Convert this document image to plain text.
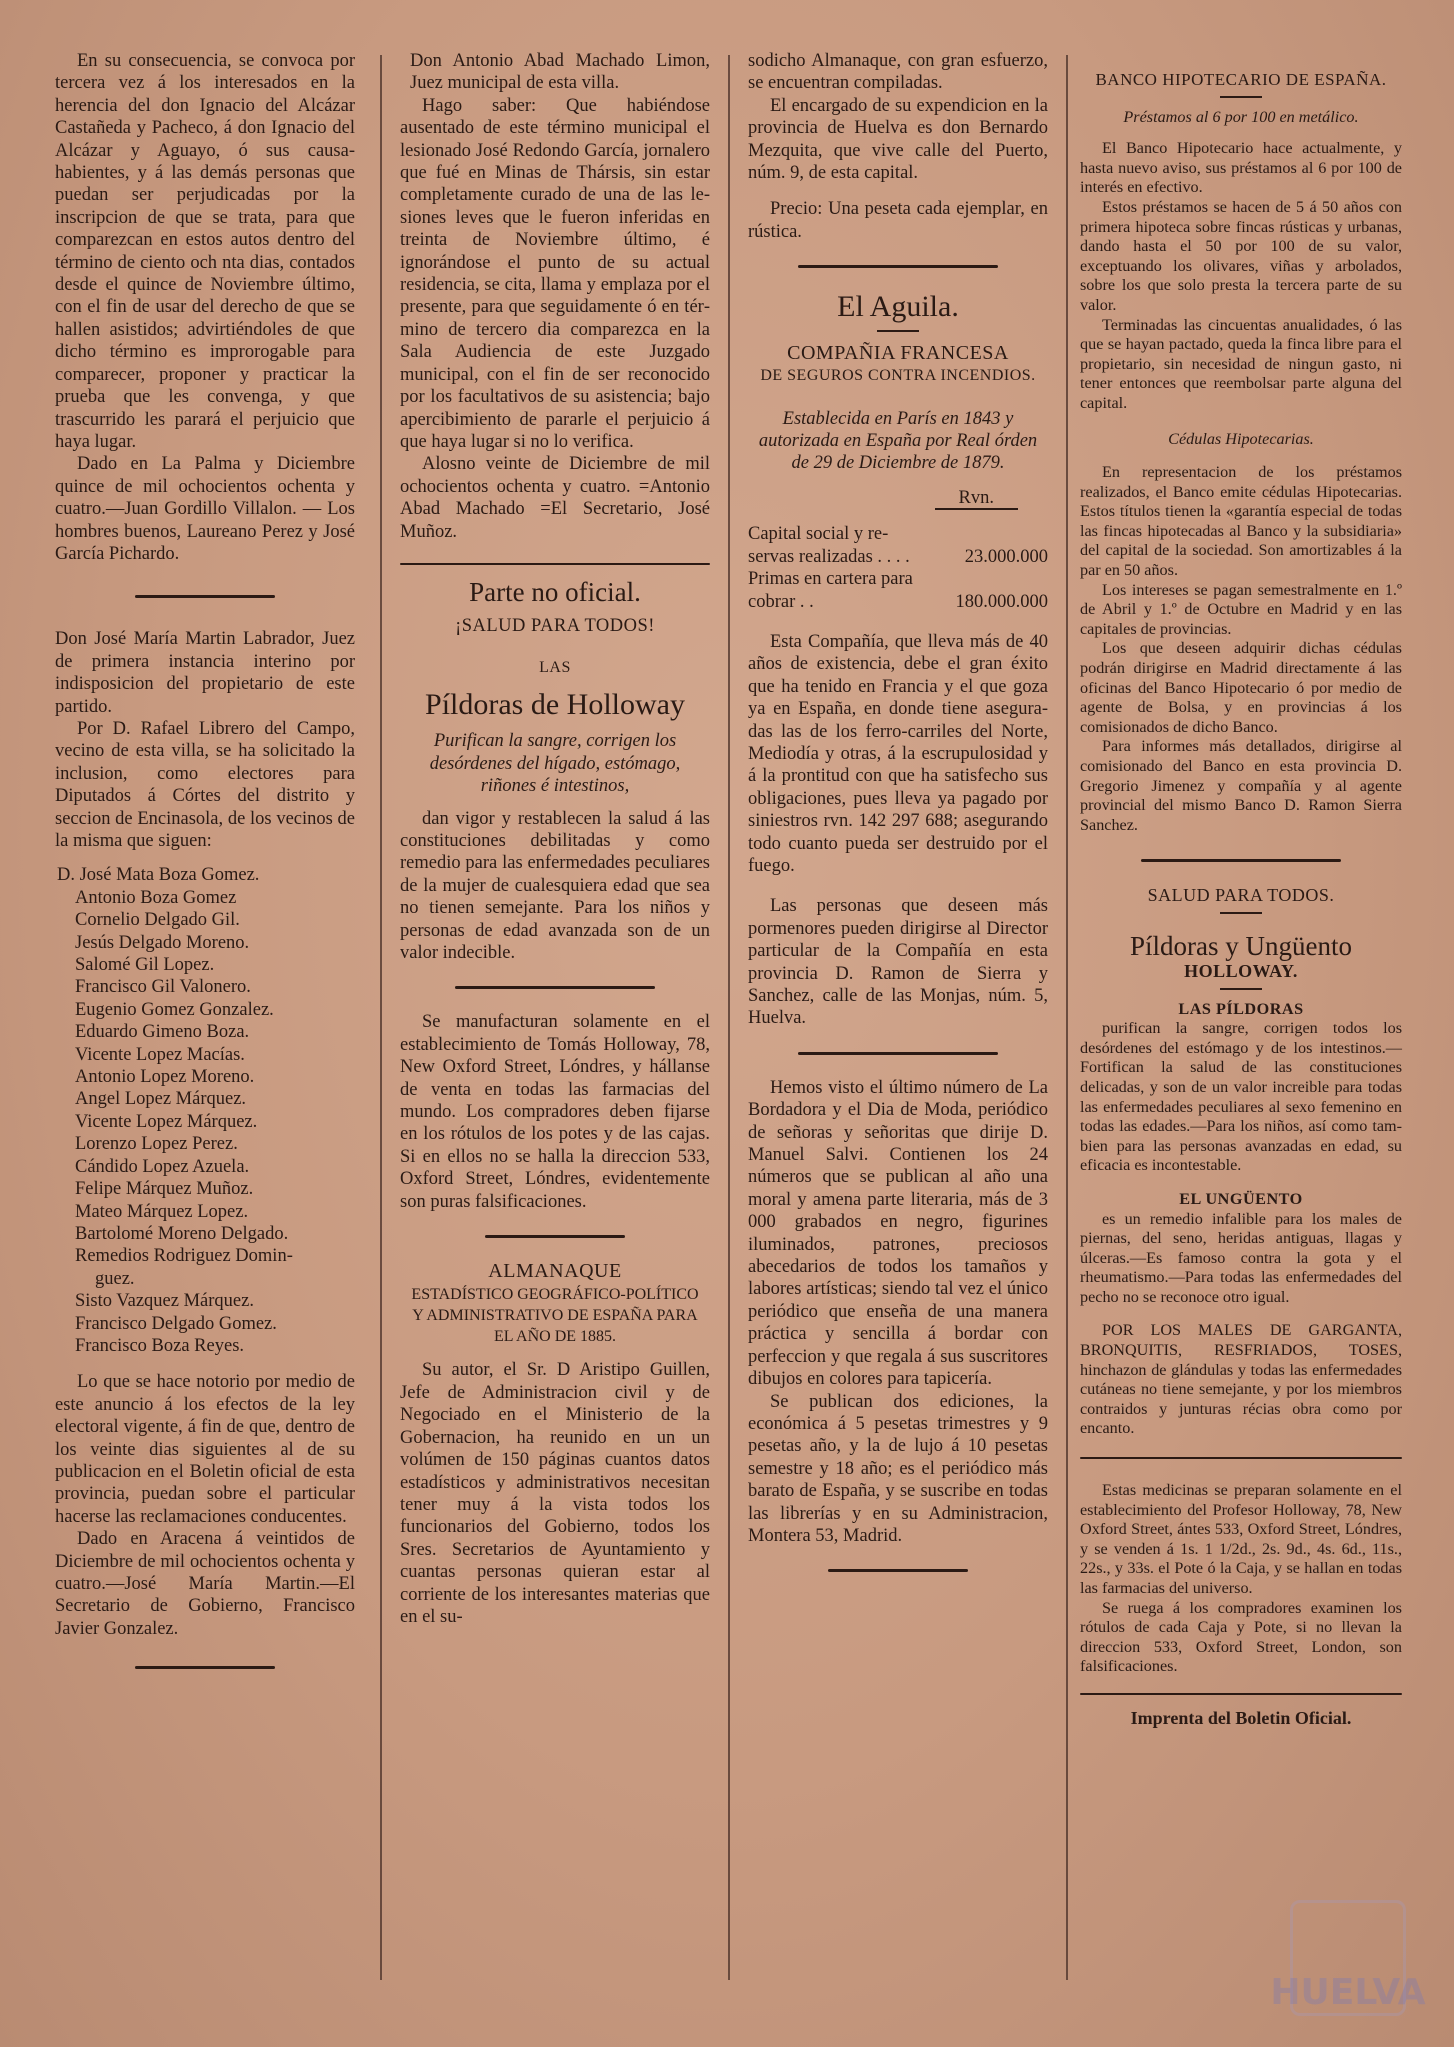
En su consecuencia, se convoca por tercera vez á los interesados en la herencia del don Ignacio del Alcázar Castañeda y Pacheco, á don Ignacio del Alcázar y Aguayo, ó sus causahabientes, y á las demás personas que puedan ser perjudicadas por la inscripcion de que se trata, para que comparezcan en estos autos dentro del término de ciento och nta dias, contados desde el quince de Noviembre último, con el fin de usar del derecho de que se hallen asistidos; advirtiéndoles de que dicho término es improrogable para comparecer, proponer y practicar la prueba que les convenga, y que trascurrido les parará el perjuicio que haya lugar.

Dado en La Palma y Diciembre quince de mil ochocientos ochenta y cuatro.—Juan Gordillo Villalon. — Los hombres buenos, Laureano Perez y José García Pichardo.

Don José María Martin Labrador, Juez de primera instancia interino por indisposicion del propietario de este partido.

Por D. Rafael Librero del Campo, vecino de esta villa, se ha solicitado la inclusion, como electores para Diputados á Córtes del distrito y seccion de Encinasola, de los vecinos de la misma que siguen:

D. José Mata Boza Gomez.
Antonio Boza Gomez
Cornelio Delgado Gil.
Jesús Delgado Moreno.
Salomé Gil Lopez.
Francisco Gil Valonero.
Eugenio Gomez Gonzalez.
Eduardo Gimeno Boza.
Vicente Lopez Macías.
Antonio Lopez Moreno.
Angel Lopez Márquez.
Vicente Lopez Márquez.
Lorenzo Lopez Perez.
Cándido Lopez Azuela.
Felipe Márquez Muñoz.
Mateo Márquez Lopez.
Bartolomé Moreno Delgado.
Remedios Rodriguez Domin-
guez.
Sisto Vazquez Márquez.
Francisco Delgado Gomez.
Francisco Boza Reyes.

Lo que se hace notorio por medio de este anuncio á los efectos de la ley electoral vigente, á fin de que, dentro de los veinte dias siguientes al de su publicacion en el Boletin oficial de esta provincia, puedan sobre el particular hacerse las reclamaciones conducentes.

Dado en Aracena á veintidos de Diciembre de mil ochocientos ochenta y cuatro.—José María Martin.—El Secretario de Gobierno, Francisco Javier Gonzalez.

Don Antonio Abad Machado Limon, Juez municipal de esta villa.

Hago saber: Que habiéndose ausentado de este término municipal el lesionado José Redondo García, jornalero que fué en Minas de Thársis, sin estar completamente curado de una de las lesiones leves que le fueron inferidas en treinta de Noviembre último, é ignorándose el punto de su actual residencia, se cita, llama y emplaza por el presente, para que seguidamente ó en término de tercero dia comparezca en la Sala Audiencia de este Juzgado municipal, con el fin de ser reconocido por los facultativos de su asistencia; bajo apercibimiento de pararle el perjuicio á que haya lugar si no lo verifica.

Alosno veinte de Diciembre de mil ochocientos ochenta y cuatro. =Antonio Abad Machado =El Secretario, José Muñoz.

Parte no oficial.
¡SALUD PARA TODOS!
LAS
Píldoras de Holloway

Purifican la sangre, corrigen los desórdenes del hígado, estómago, riñones é intestinos,

dan vigor y restablecen la salud á las constituciones debilitadas y como remedio para las enfermedades peculiares de la mujer de cualesquiera edad que sea no tienen semejante. Para los niños y personas de edad avanzada son de un valor indecible.

Se manufacturan solamente en el establecimiento de Tomás Holloway, 78, New Oxford Street, Lóndres, y hállanse de venta en todas las farmacias del mundo. Los compradores deben fijarse en los rótulos de los potes y de las cajas. Si en ellos no se halla la direccion 533, Oxford Street, Lóndres, evidentemente son puras falsificaciones.

ALMANAQUE
ESTADÍSTICO GEOGRÁFICO-POLÍTICO Y ADMINISTRATIVO DE ESPAÑA PARA EL AÑO DE 1885.

Su autor, el Sr. D Aristipo Guillen, Jefe de Administracion civil y de Negociado en el Ministerio de la Gobernacion, ha reunido en un un volúmen de 150 páginas cuantos datos estadísticos y administrativos necesitan tener muy á la vista todos los funcionarios del Gobierno, todos los Sres. Secretarios de Ayuntamiento y cuantas personas quieran estar al corriente de los interesantes materias que en el su-

sodicho Almanaque, con gran esfuerzo, se encuentran compiladas.

El encargado de su expendicion en la provincia de Huelva es don Bernardo Mezquita, que vive calle del Puerto, núm. 9, de esta capital.

Precio: Una peseta cada ejemplar, en rústica.

El Aguila.
COMPAÑIA FRANCESA
DE SEGUROS CONTRA INCENDIOS.

Establecida en París en 1843 y autorizada en España por Real órden de 29 de Diciembre de 1879.

Rvn.
Capital social y reservas realizadas . . . .	23.000.000
Primas en cartera para cobrar . .	180.000.000

Esta Compañía, que lleva más de 40 años de existencia, debe el gran éxito que ha tenido en Francia y el que goza ya en España, en donde tiene aseguradas las de los ferro-carriles del Norte, Mediodía y otras, á la escrupulosidad y á la prontitud con que ha satisfecho sus obligaciones, pues lleva ya pagado por siniestros rvn. 142 297 688; asegurando todo cuanto pueda ser destruido por el fuego.

Las personas que deseen más pormenores pueden dirigirse al Director particular de la Compañía en esta provincia D. Ramon de Sierra y Sanchez, calle de las Monjas, núm. 5, Huelva.

Hemos visto el último número de La Bordadora y el Dia de Moda, periódico de señoras y señoritas que dirije D. Manuel Salvi. Contienen los 24 números que se publican al año una moral y amena parte literaria, más de 3 000 grabados en negro, figurines iluminados, patrones, preciosos abecedarios de todos los tamaños y labores artísticas; siendo tal vez el único periódico que enseña de una manera práctica y sencilla á bordar con perfeccion y que regala á sus suscritores dibujos en colores para tapicería.

Se publican dos ediciones, la económica á 5 pesetas trimestres y 9 pesetas año, y la de lujo á 10 pesetas semestre y 18 año; es el periódico más barato de España, y se suscribe en todas las librerías y en su Administracion, Montera 53, Madrid.

BANCO HIPOTECARIO DE ESPAÑA.
Préstamos al 6 por 100 en metálico.

El Banco Hipotecario hace actualmente, y hasta nuevo aviso, sus préstamos al 6 por 100 de interés en efectivo.

Estos préstamos se hacen de 5 á 50 años con primera hipoteca sobre fincas rústicas y urbanas, dando hasta el 50 por 100 de su valor, exceptuando los olivares, viñas y arbolados, sobre los que solo presta la tercera parte de su valor.

Terminadas las cincuentas anualidades, ó las que se hayan pactado, queda la finca libre para el propietario, sin necesidad de ningun gasto, ni tener entonces que reembolsar parte alguna del capital.

Cédulas Hipotecarias.

En representacion de los préstamos realizados, el Banco emite cédulas Hipotecarias. Estos títulos tienen la «garantía especial de todas las fincas hipotecadas al Banco y la subsidiaria» del capital de la sociedad. Son amortizables á la par en 50 años.

Los intereses se pagan semestralmente en 1.º de Abril y 1.º de Octubre en Madrid y en las capitales de provincias.

Los que deseen adquirir dichas cédulas podrán dirigirse en Madrid directamente á las oficinas del Banco Hipotecario ó por medio de agente de Bolsa, y en provincias á los comisionados de dicho Banco.

Para informes más detallados, dirigirse al comisionado del Banco en esta provincia D. Gregorio Jimenez y compañía y al agente provincial del mismo Banco D. Ramon Sierra Sanchez.

SALUD PARA TODOS.
Píldoras y Ungüento
HOLLOWAY.
LAS PÍLDORAS

purifican la sangre, corrigen todos los desórdenes del estómago y de los intestinos.—Fortifican la salud de las constituciones delicadas, y son de un valor increible para todas las enfermedades peculiares al sexo femenino en todas las edades.—Para los niños, así como tambien para las personas avanzadas en edad, su eficacia es incontestable.

EL UNGÜENTO

es un remedio infalible para los males de piernas, del seno, heridas antiguas, llagas y úlceras.—Es famoso contra la gota y el rheumatismo.—Para todas las enfermedades del pecho no se reconoce otro igual.

POR LOS MALES DE GARGANTA, BRONQUITIS, RESFRIADOS, TOSES, hinchazon de glándulas y todas las enfermedades cutáneas no tiene semejante, y por los miembros contraidos y junturas récias obra como por encanto.

Estas medicinas se preparan solamente en el establecimiento del Profesor Holloway, 78, New Oxford Street, ántes 533, Oxford Street, Lóndres, y se venden á 1s. 1 1/2d., 2s. 9d., 4s. 6d., 11s., 22s., y 33s. el Pote ó la Caja, y se hallan en todas las farmacias del universo.

Se ruega á los compradores examinen los rótulos de cada Caja y Pote, si no llevan la direccion 533, Oxford Street, London, son falsificaciones.

Imprenta del Boletin Oficial.
HUELVA
